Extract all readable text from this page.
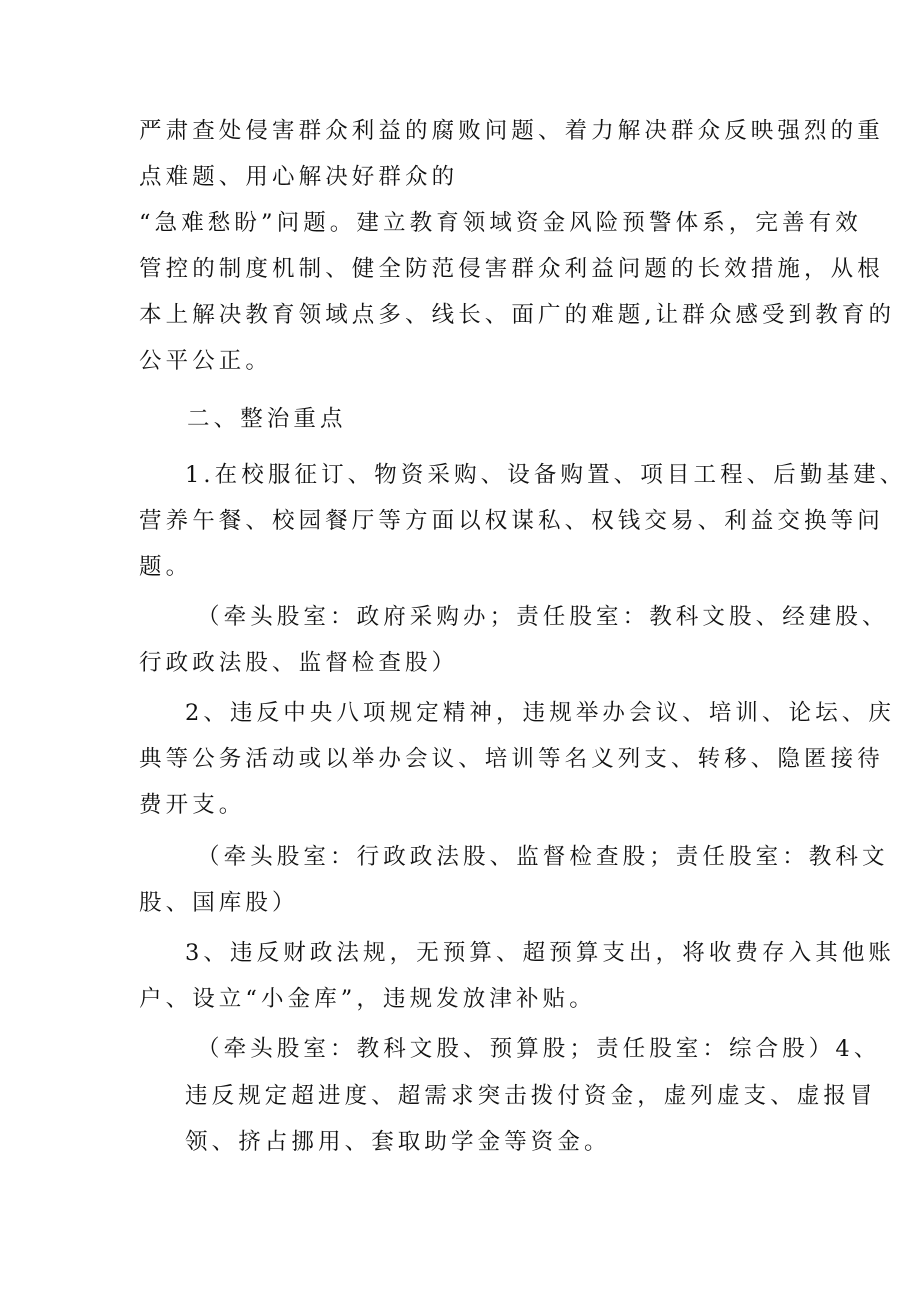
严肃查处侵害群众利益的腐败问题、着力解决群众反映强烈的重
点难题、用心解决好群众的
“急难愁盼”问题。建立教育领域资金风险预警体系，完善有效
管控的制度机制、健全防范侵害群众利益问题的长效措施，从根
本上解决教育领域点多、线长、面广的难题,让群众感受到教育的
公平公正。
二、整治重点
1.在校服征订、物资采购、设备购置、项目工程、后勤基建、
营养午餐、校园餐厅等方面以权谋私、权钱交易、利益交换等问
题。
（牵头股室：政府采购办；责任股室：教科文股、经建股、
行政政法股、监督检查股）
2、违反中央八项规定精神，违规举办会议、培训、论坛、庆
典等公务活动或以举办会议、培训等名义列支、转移、隐匿接待
费开支。
（牵头股室：行政政法股、监督检查股；责任股室：教科文
股、国库股）
3、违反财政法规，无预算、超预算支出，将收费存入其他账
户、设立“小金库”，违规发放津补贴。
（牵头股室：教科文股、预算股；责任股室：综合股）4、
违反规定超进度、超需求突击拨付资金，虚列虚支、虚报冒
领、挤占挪用、套取助学金等资金。
